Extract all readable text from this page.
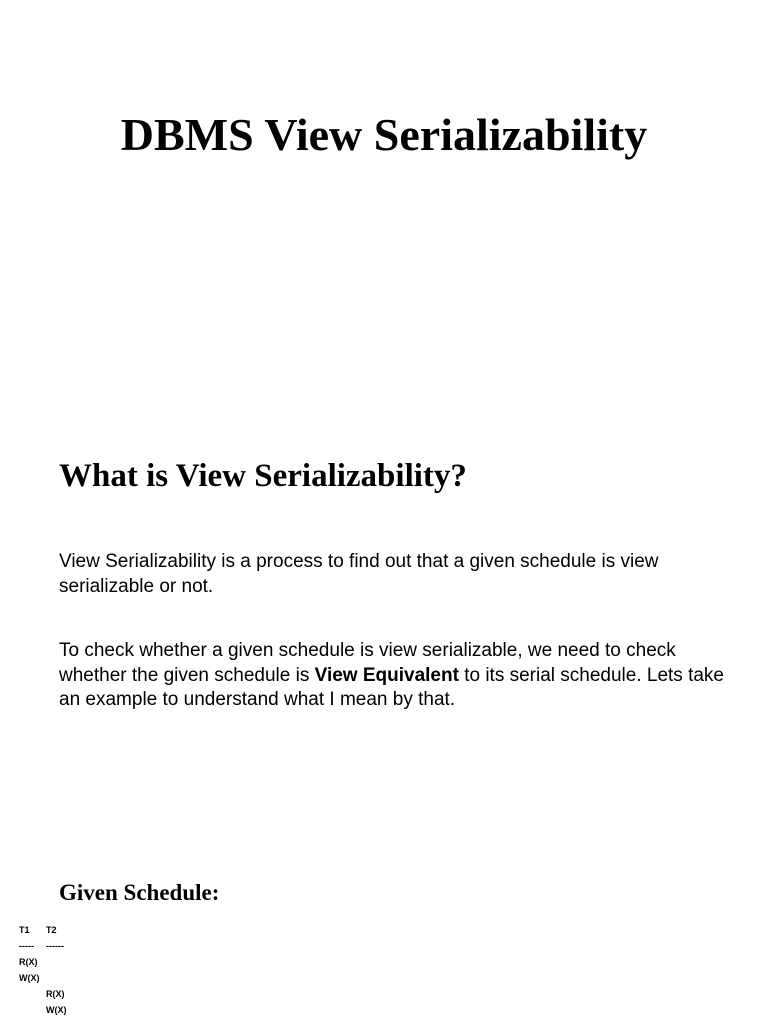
DBMS View Serializability
What is View Serializability?

View Serializability is a process to find out that a given schedule is view serializable or not.

To check whether a given schedule is view serializable, we need to check whether the given schedule is View Equivalent to its serial schedule. Lets take an example to understand what I mean by that.

Given Schedule:
T1 T2
----- ------
R(X)
W(X)
R(X)
W(X)
